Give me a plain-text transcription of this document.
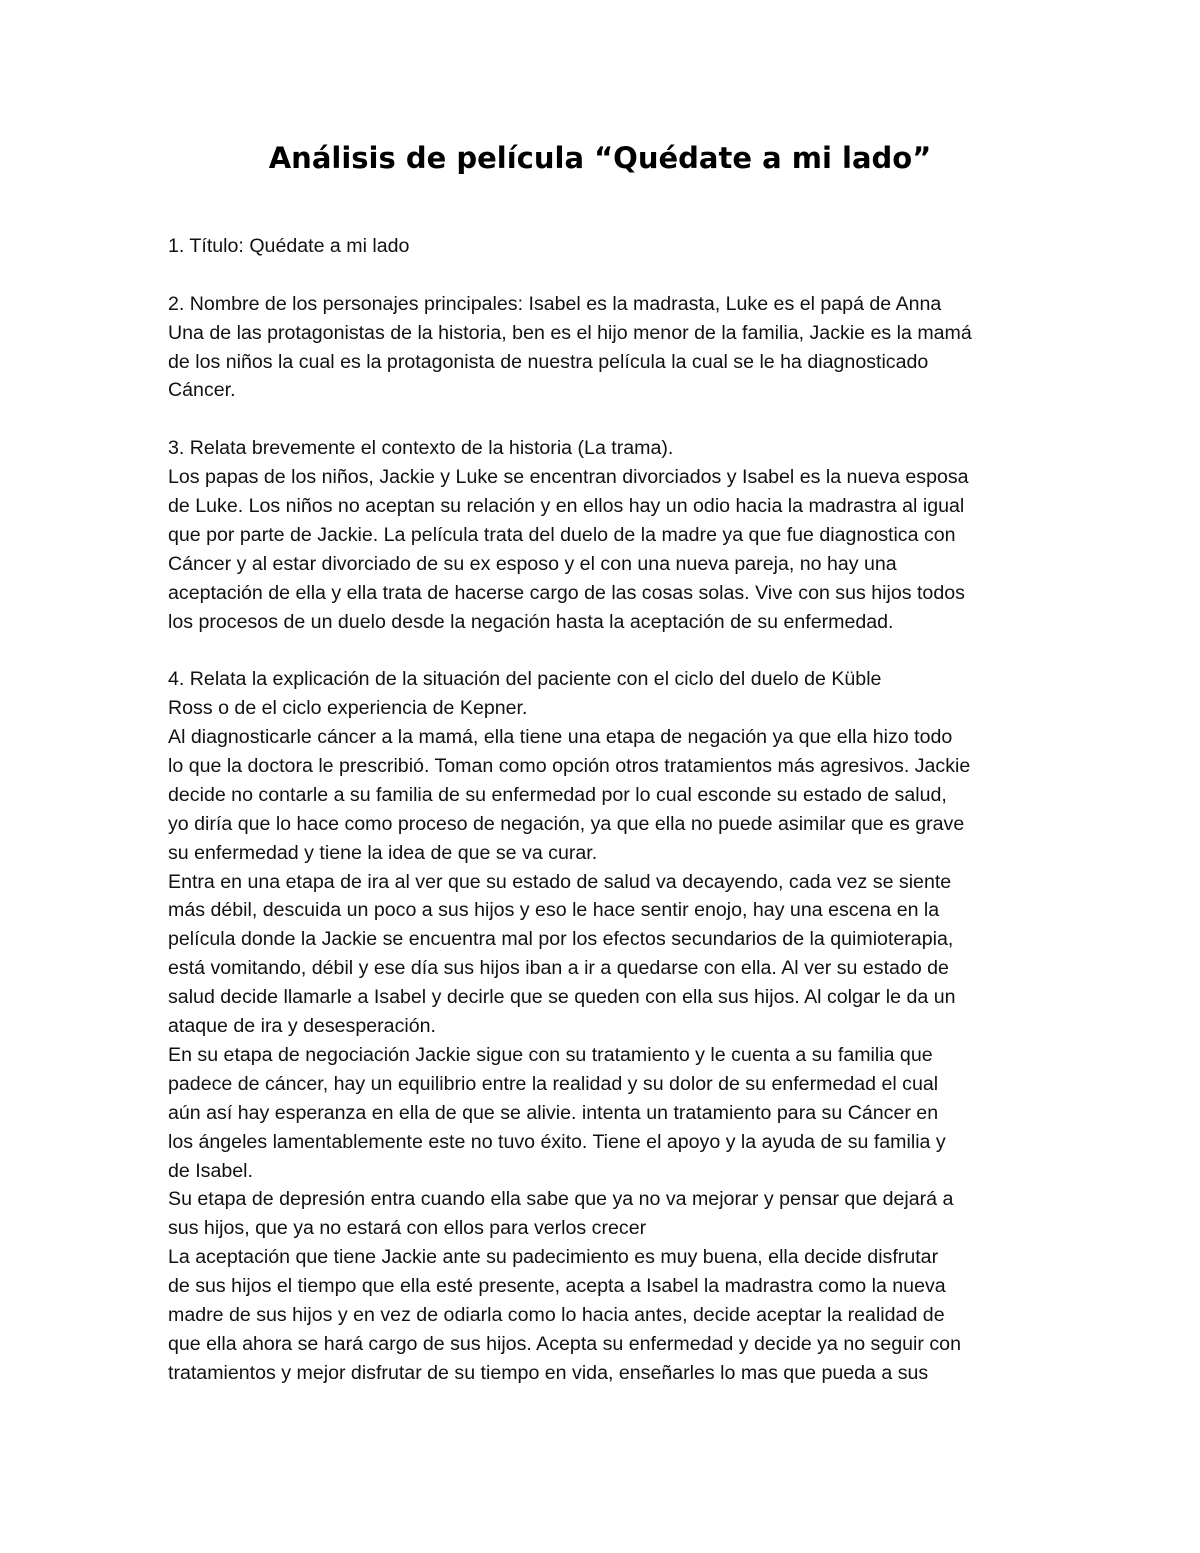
Análisis de película “Quédate a mi lado”
1. Título: Quédate a mi lado
2. Nombre de los personajes principales: Isabel es la madrasta, Luke es el papá de Anna
Una de las protagonistas de la historia, ben es el hijo menor de la familia, Jackie es la mamá
de los niños la cual es la protagonista de nuestra película la cual se le ha diagnosticado
Cáncer.
3. Relata brevemente el contexto de la historia (La trama).
Los papas de los niños, Jackie y Luke se encentran divorciados y Isabel es la nueva esposa
de Luke. Los niños no aceptan su relación y en ellos hay un odio hacia la madrastra al igual
que por parte de Jackie. La película trata del duelo de la madre ya que fue diagnostica con
Cáncer y al estar divorciado de su ex esposo y el con una nueva pareja, no hay una
aceptación de ella y ella trata de hacerse cargo de las cosas solas. Vive con sus hijos todos
los procesos de un duelo desde la negación hasta la aceptación de su enfermedad.
4. Relata la explicación de la situación del paciente con el ciclo del duelo de Küble
Ross o de el ciclo experiencia de Kepner.
Al diagnosticarle cáncer a la mamá, ella tiene una etapa de negación ya que ella hizo todo
lo que la doctora le prescribió. Toman como opción otros tratamientos más agresivos. Jackie
decide no contarle a su familia de su enfermedad por lo cual esconde su estado de salud,
yo diría que lo hace como proceso de negación, ya que ella no puede asimilar que es grave
su enfermedad y tiene la idea de que se va curar.
Entra en una etapa de ira al ver que su estado de salud va decayendo, cada vez se siente
más débil, descuida un poco a sus hijos y eso le hace sentir enojo, hay una escena en la
película donde la Jackie se encuentra mal por los efectos secundarios de la quimioterapia,
está vomitando, débil y ese día sus hijos iban a ir a quedarse con ella. Al ver su estado de
salud decide llamarle a Isabel y decirle que se queden con ella sus hijos. Al colgar le da un
ataque de ira y desesperación.
En su etapa de negociación Jackie sigue con su tratamiento y le cuenta a su familia que
padece de cáncer, hay un equilibrio entre la realidad y su dolor de su enfermedad el cual
aún así hay esperanza en ella de que se alivie. intenta un tratamiento para su Cáncer en
los ángeles lamentablemente este no tuvo éxito. Tiene el apoyo y la ayuda de su familia y
de Isabel.
Su etapa de depresión entra cuando ella sabe que ya no va mejorar y pensar que dejará a
sus hijos, que ya no estará con ellos para verlos crecer
La aceptación que tiene Jackie ante su padecimiento es muy buena, ella decide disfrutar
de sus hijos el tiempo que ella esté presente, acepta a Isabel la madrastra como la nueva
madre de sus hijos y en vez de odiarla como lo hacia antes, decide aceptar la realidad de
que ella ahora se hará cargo de sus hijos. Acepta su enfermedad y decide ya no seguir con
tratamientos y mejor disfrutar de su tiempo en vida, enseñarles lo mas que pueda a sus
